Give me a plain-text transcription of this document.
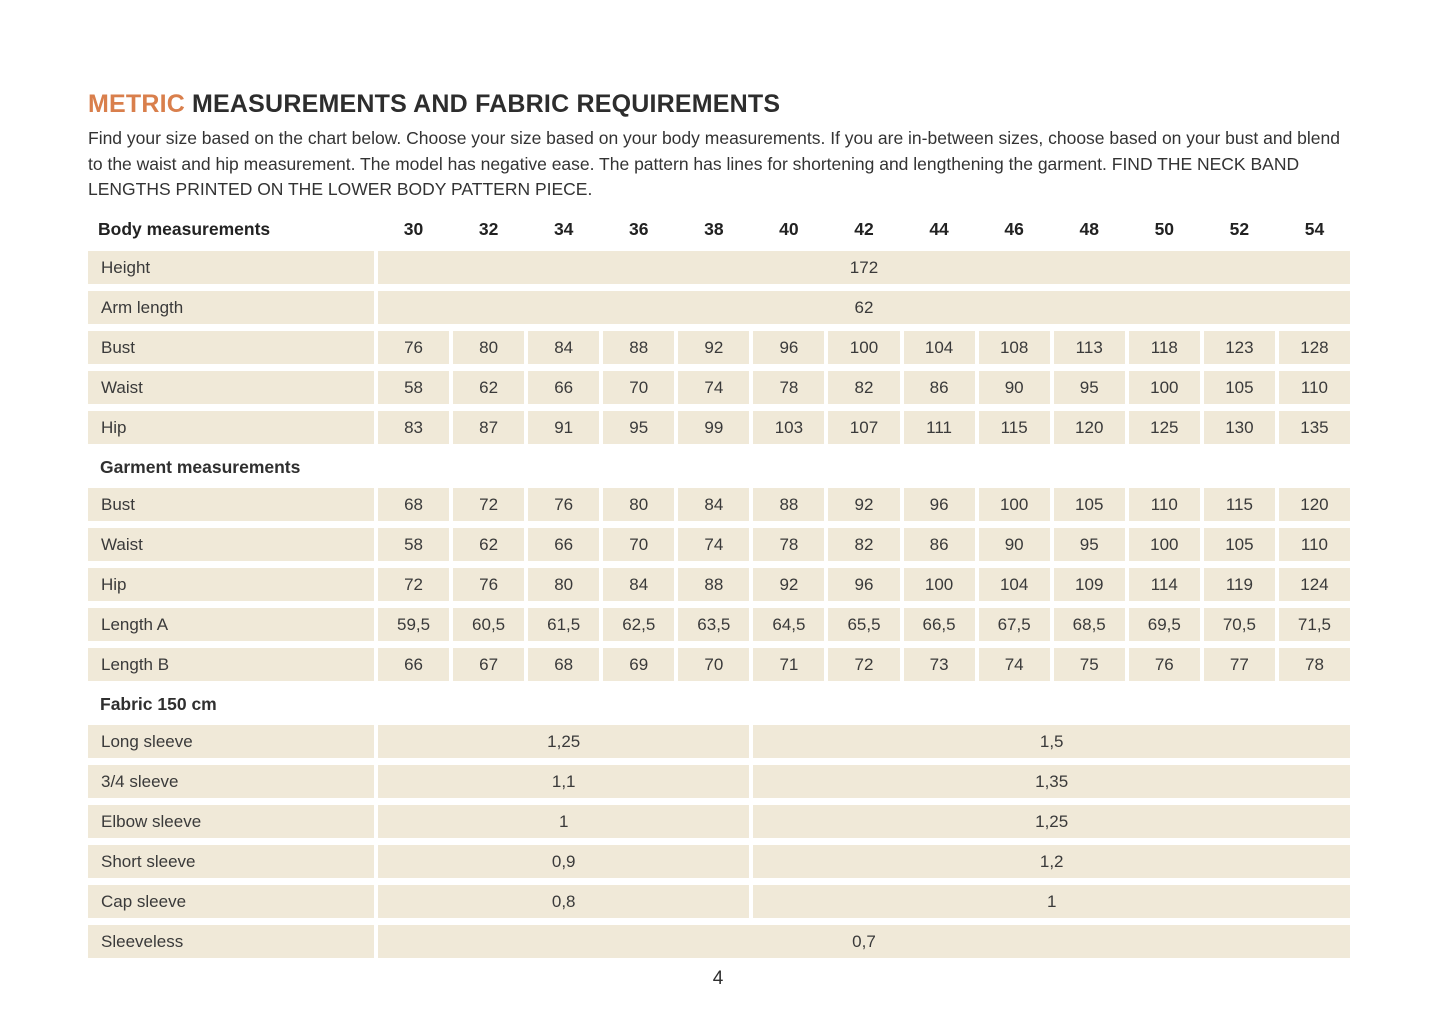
METRIC MEASUREMENTS AND FABRIC REQUIREMENTS
Find your size based on the chart below. Choose your size based on your body measurements. If you are in-between sizes, choose based on your bust and blend to the waist and hip measurement. The model has negative ease. The pattern has lines for shortening and lengthening the garment. FIND THE NECK BAND LENGTHS PRINTED ON THE LOWER BODY PATTERN PIECE.
Body measurements	30	32	34	36	38	40	42	44	46	48	50	52	54
Height	172
Arm length	62
Bust	76	80	84	88	92	96	100	104	108	113	118	123	128
Waist	58	62	66	70	74	78	82	86	90	95	100	105	110
Hip	83	87	91	95	99	103	107	111	115	120	125	130	135
Garment measurements
Bust	68	72	76	80	84	88	92	96	100	105	110	115	120
Waist	58	62	66	70	74	78	82	86	90	95	100	105	110
Hip	72	76	80	84	88	92	96	100	104	109	114	119	124
Length A	59,5	60,5	61,5	62,5	63,5	64,5	65,5	66,5	67,5	68,5	69,5	70,5	71,5
Length B	66	67	68	69	70	71	72	73	74	75	76	77	78
Fabric 150 cm
Long sleeve	1,25	1,5
3/4 sleeve	1,1	1,35
Elbow sleeve	1	1,25
Short sleeve	0,9	1,2
Cap sleeve	0,8	1
Sleeveless	0,7
4
